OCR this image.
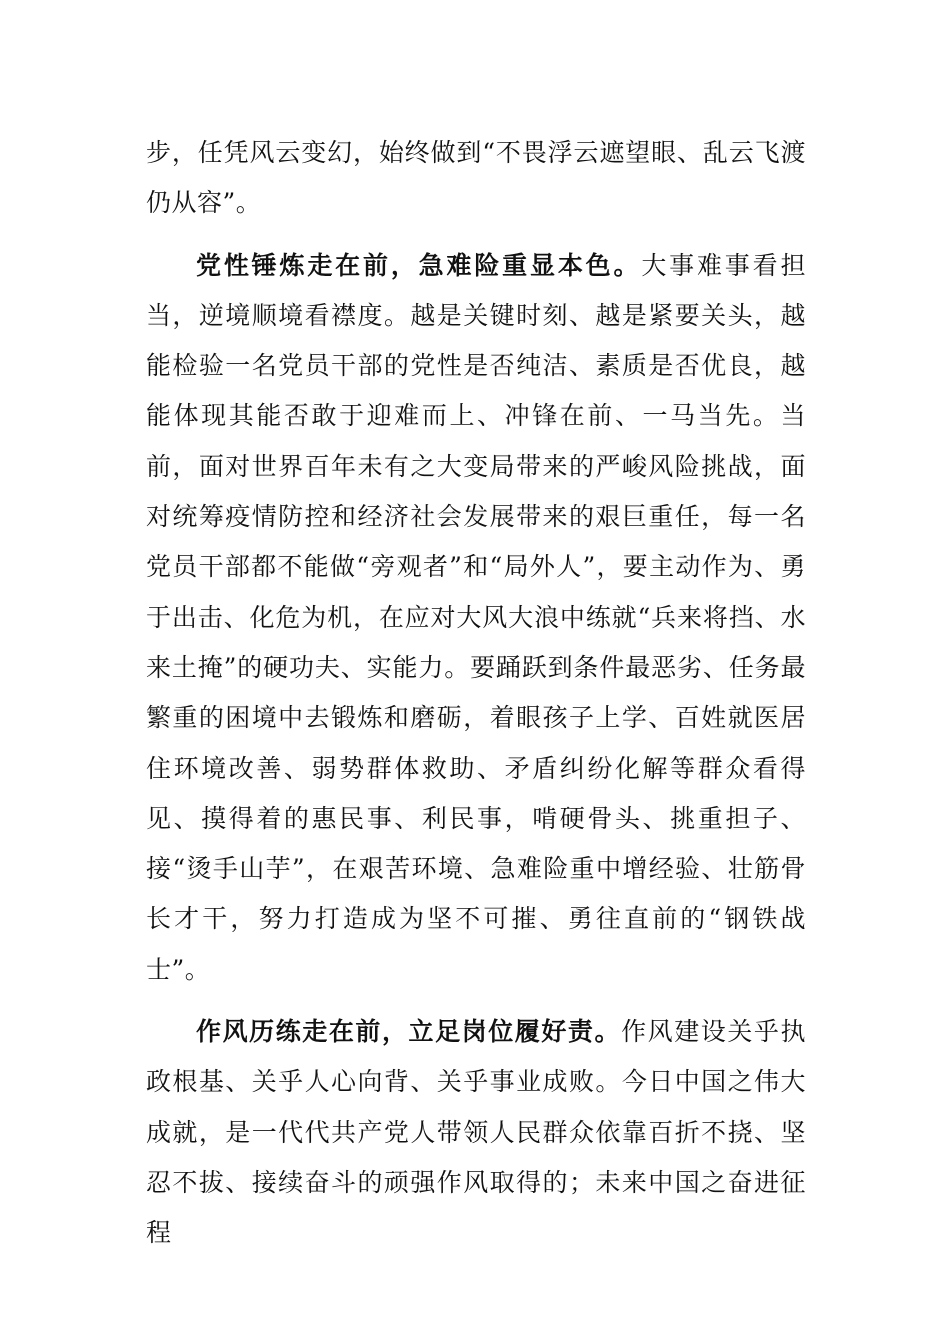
步，任凭风云变幻，始终做到“不畏浮云遮望眼、乱云飞渡仍从容”。

党性锤炼走在前，急难险重显本色。大事难事看担当，逆境顺境看襟度。越是关键时刻、越是紧要关头，越能检验一名党员干部的党性是否纯洁、素质是否优良，越能体现其能否敢于迎难而上、冲锋在前、一马当先。当前，面对世界百年未有之大变局带来的严峻风险挑战，面对统筹疫情防控和经济社会发展带来的艰巨重任，每一名党员干部都不能做“旁观者”和“局外人”，要主动作为、勇于出击、化危为机，在应对大风大浪中练就“兵来将挡、水来土掩”的硬功夫、实能力。要踊跃到条件最恶劣、任务最繁重的困境中去锻炼和磨砺，着眼孩子上学、百姓就医居住环境改善、弱势群体救助、矛盾纠纷化解等群众看得见、摸得着的惠民事、利民事，啃硬骨头、挑重担子、接“烫手山芋”，在艰苦环境、急难险重中增经验、壮筋骨长才干，努力打造成为坚不可摧、勇往直前的“钢铁战士”。

作风历练走在前，立足岗位履好责。作风建设关乎执政根基、关乎人心向背、关乎事业成败。今日中国之伟大成就，是一代代共产党人带领人民群众依靠百折不挠、坚忍不拔、接续奋斗的顽强作风取得的；未来中国之奋进征程
